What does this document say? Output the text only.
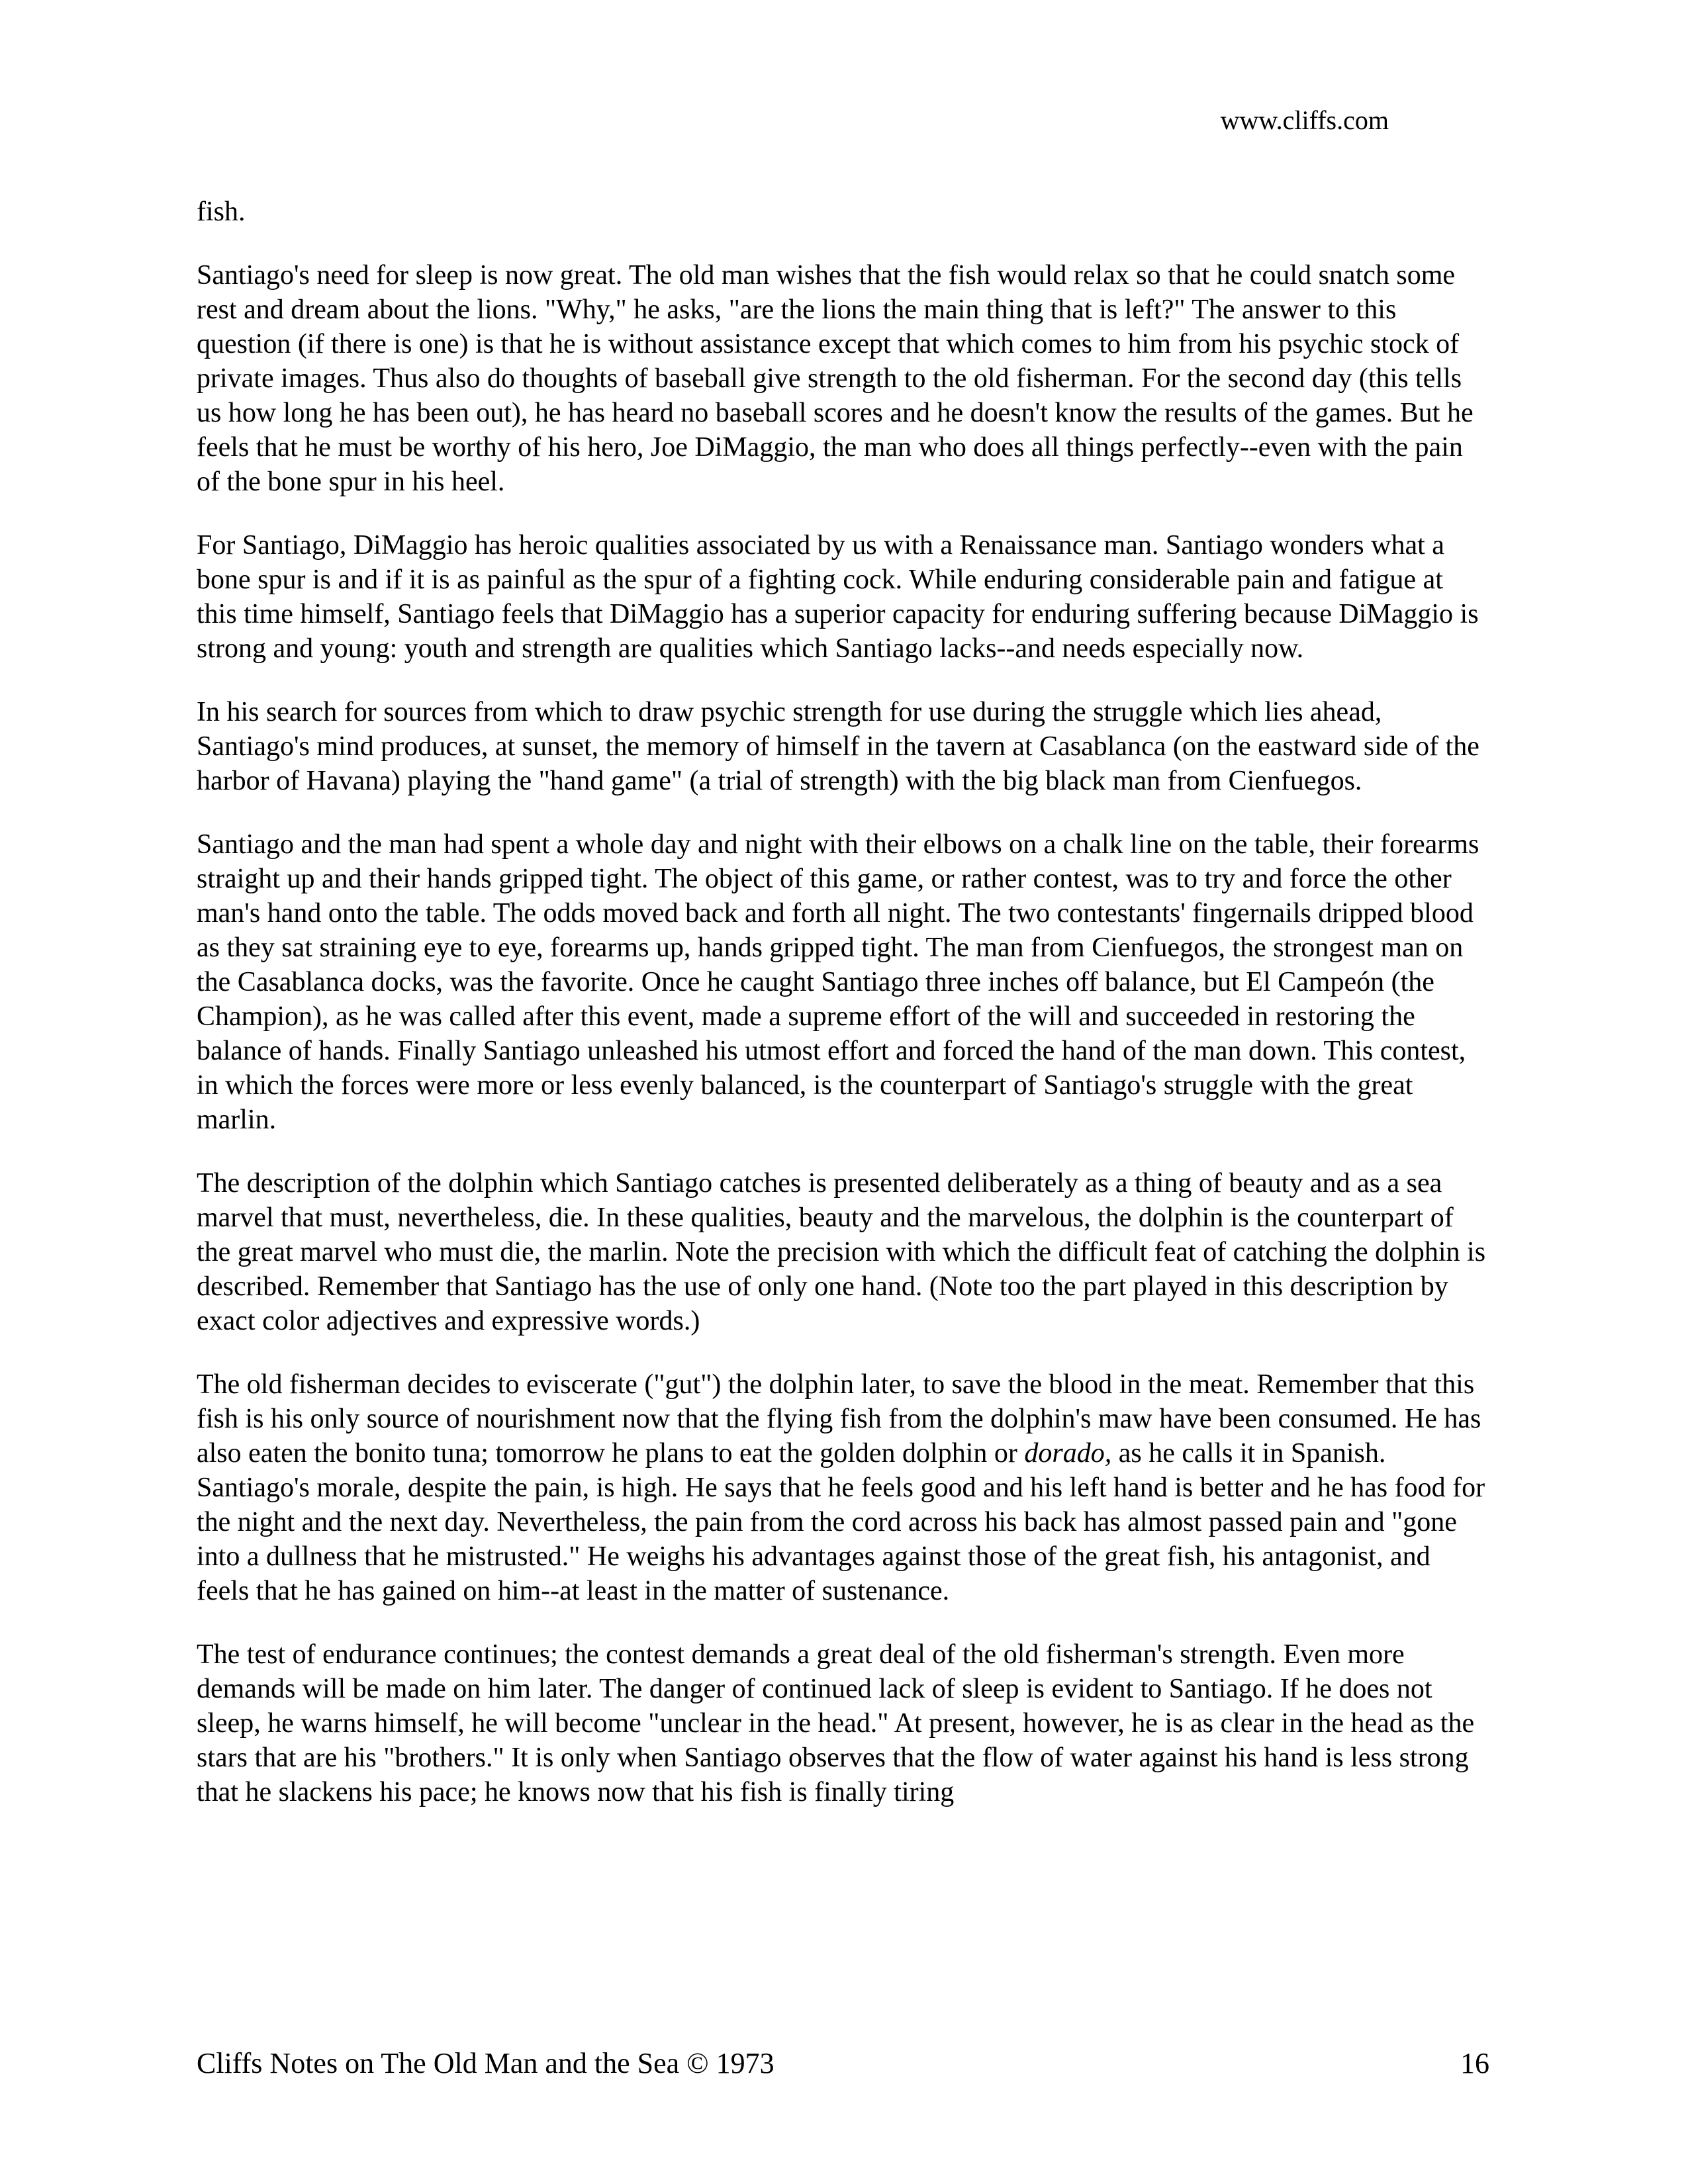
www.cliffs.com

fish.

Santiago's need for sleep is now great. The old man wishes that the fish would relax so that he could snatch some rest and dream about the lions. "Why," he asks, "are the lions the main thing that is left?" The answer to this question (if there is one) is that he is without assistance except that which comes to him from his psychic stock of private images. Thus also do thoughts of baseball give strength to the old fisherman. For the second day (this tells us how long he has been out), he has heard no baseball scores and he doesn't know the results of the games. But he feels that he must be worthy of his hero, Joe DiMaggio, the man who does all things perfectly--even with the pain of the bone spur in his heel.

For Santiago, DiMaggio has heroic qualities associated by us with a Renaissance man. Santiago wonders what a bone spur is and if it is as painful as the spur of a fighting cock. While enduring considerable pain and fatigue at this time himself, Santiago feels that DiMaggio has a superior capacity for enduring suffering because DiMaggio is strong and young: youth and strength are qualities which Santiago lacks--and needs especially now.

In his search for sources from which to draw psychic strength for use during the struggle which lies ahead, Santiago's mind produces, at sunset, the memory of himself in the tavern at Casablanca (on the eastward side of the harbor of Havana) playing the "hand game" (a trial of strength) with the big black man from Cienfuegos.

Santiago and the man had spent a whole day and night with their elbows on a chalk line on the table, their forearms straight up and their hands gripped tight. The object of this game, or rather contest, was to try and force the other man's hand onto the table. The odds moved back and forth all night. The two contestants' fingernails dripped blood as they sat straining eye to eye, forearms up, hands gripped tight. The man from Cienfuegos, the strongest man on the Casablanca docks, was the favorite. Once he caught Santiago three inches off balance, but El Campeón (the Champion), as he was called after this event, made a supreme effort of the will and succeeded in restoring the balance of hands. Finally Santiago unleashed his utmost effort and forced the hand of the man down. This contest, in which the forces were more or less evenly balanced, is the counterpart of Santiago's struggle with the great marlin.

The description of the dolphin which Santiago catches is presented deliberately as a thing of beauty and as a sea marvel that must, nevertheless, die. In these qualities, beauty and the marvelous, the dolphin is the counterpart of the great marvel who must die, the marlin. Note the precision with which the difficult feat of catching the dolphin is described. Remember that Santiago has the use of only one hand. (Note too the part played in this description by exact color adjectives and expressive words.)

The old fisherman decides to eviscerate ("gut") the dolphin later, to save the blood in the meat. Remember that this fish is his only source of nourishment now that the flying fish from the dolphin's maw have been consumed. He has also eaten the bonito tuna; tomorrow he plans to eat the golden dolphin or dorado, as he calls it in Spanish. Santiago's morale, despite the pain, is high. He says that he feels good and his left hand is better and he has food for the night and the next day. Nevertheless, the pain from the cord across his back has almost passed pain and "gone into a dullness that he mistrusted." He weighs his advantages against those of the great fish, his antagonist, and feels that he has gained on him--at least in the matter of sustenance.

The test of endurance continues; the contest demands a great deal of the old fisherman's strength. Even more demands will be made on him later. The danger of continued lack of sleep is evident to Santiago. If he does not sleep, he warns himself, he will become "unclear in the head." At present, however, he is as clear in the head as the stars that are his "brothers." It is only when Santiago observes that the flow of water against his hand is less strong that he slackens his pace; he knows now that his fish is finally tiring

Cliffs Notes on The Old Man and the Sea © 1973	16
